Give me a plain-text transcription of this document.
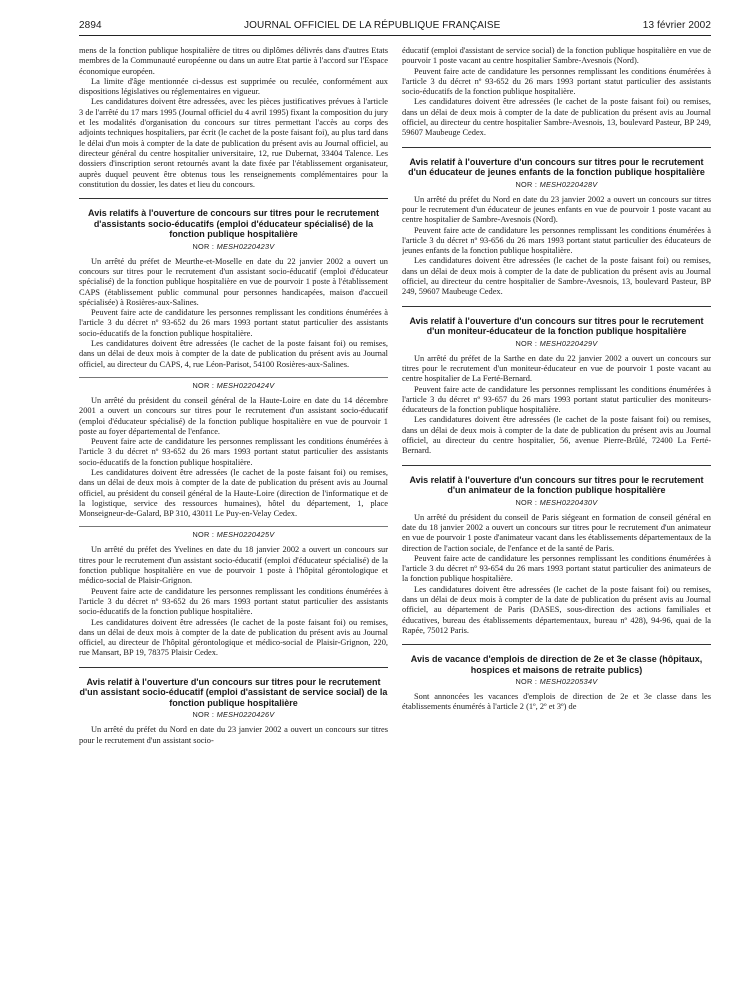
2894	JOURNAL OFFICIEL DE LA RÉPUBLIQUE FRANÇAISE	13 février 2002

mens de la fonction publique hospitalière de titres ou diplômes délivrés dans d'autres Etats membres de la Communauté européenne ou dans un autre Etat partie à l'accord sur l'Espace économique européen.

La limite d'âge mentionnée ci-dessus est supprimée ou reculée, conformément aux dispositions législatives ou réglementaires en vigueur.

Les candidatures doivent être adressées, avec les pièces justificatives prévues à l'article 3 de l'arrêté du 17 mars 1995 (Journal officiel du 4 avril 1995) fixant la composition du jury et les modalités d'organisation du concours sur titres permettant l'accès au corps des adjoints techniques hospitaliers, par écrit (le cachet de la poste faisant foi), au plus tard dans le délai d'un mois à compter de la date de publication du présent avis au Journal officiel, au directeur général du centre hospitalier universitaire, 12, rue Dubernat, 33404 Talence. Les dossiers d'inscription seront retournés avant la date fixée par l'établissement organisateur, auprès duquel peuvent être obtenus tous les renseignements complémentaires pour la constitution du dossier, les dates et lieu du concours.

Avis relatifs à l'ouverture de concours sur titres pour le recrutement d'assistants socio-éducatifs (emploi d'éducateur spécialisé) de la fonction publique hospitalière
NOR : MESH0220423V

Un arrêté du préfet de Meurthe-et-Moselle en date du 22 janvier 2002 a ouvert un concours sur titres pour le recrutement d'un assistant socio-éducatif (emploi d'éducateur spécialisé) de la fonction publique hospitalière en vue de pourvoir 1 poste à l'établissement CAPS (établissement public communal pour personnes handicapées, maison d'accueil spécialisée) à Rosières-aux-Salines.

Peuvent faire acte de candidature les personnes remplissant les conditions énumérées à l'article 3 du décret nº 93-652 du 26 mars 1993 portant statut particulier des assistants socio-éducatifs de la fonction publique hospitalière.

Les candidatures doivent être adressées (le cachet de la poste faisant foi) ou remises, dans un délai de deux mois à compter de la date de publication du présent avis au Journal officiel, au directeur du CAPS, 4, rue Léon-Parisot, 54100 Rosières-aux-Salines.

NOR : MESH0220424V

Un arrêté du président du conseil général de la Haute-Loire en date du 14 décembre 2001 a ouvert un concours sur titres pour le recrutement d'un assistant socio-éducatif (emploi d'éducateur spécialisé) de la fonction publique hospitalière en vue de pourvoir 1 poste au foyer départemental de l'enfance.

Peuvent faire acte de candidature les personnes remplissant les conditions énumérées à l'article 3 du décret nº 93-652 du 26 mars 1993 portant statut particulier des assistants socio-éducatifs de la fonction publique hospitalière.

Les candidatures doivent être adressées (le cachet de la poste faisant foi) ou remises, dans un délai de deux mois à compter de la date de publication du présent avis au Journal officiel, au président du conseil général de la Haute-Loire (direction de l'informatique et de la logistique, service des ressources humaines), hôtel du département, 1, place Monseigneur-de-Galard, BP 310, 43011 Le Puy-en-Velay Cedex.

NOR : MESH0220425V

Un arrêté du préfet des Yvelines en date du 18 janvier 2002 a ouvert un concours sur titres pour le recrutement d'un assistant socio-éducatif (emploi d'éducateur spécialisé) de la fonction publique hospitalière en vue de pourvoir 1 poste à l'hôpital gérontologique et médico-social de Plaisir-Grignon.

Peuvent faire acte de candidature les personnes remplissant les conditions énumérées à l'article 3 du décret nº 93-652 du 26 mars 1993 portant statut particulier des assistants socio-éducatifs de la fonction publique hospitalière.

Les candidatures doivent être adressées (le cachet de la poste faisant foi) ou remises, dans un délai de deux mois à compter de la date de publication du présent avis au Journal officiel, au directeur de l'hôpital gérontologique et médico-social de Plaisir-Grignon, 220, rue Mansart, BP 19, 78375 Plaisir Cedex.

Avis relatif à l'ouverture d'un concours sur titres pour le recrutement d'un assistant socio-éducatif (emploi d'assistant de service social) de la fonction publique hospitalière
NOR : MESH0220426V

Un arrêté du préfet du Nord en date du 23 janvier 2002 a ouvert un concours sur titres pour le recrutement d'un assistant socio-

éducatif (emploi d'assistant de service social) de la fonction publique hospitalière en vue de pourvoir 1 poste vacant au centre hospitalier Sambre-Avesnois (Nord).

Peuvent faire acte de candidature les personnes remplissant les conditions énumérées à l'article 3 du décret nº 93-652 du 26 mars 1993 portant statut particulier des assistants socio-éducatifs de la fonction publique hospitalière.

Les candidatures doivent être adressées (le cachet de la poste faisant foi) ou remises, dans un délai de deux mois à compter de la date de publication du présent avis au Journal officiel, au directeur du centre hospitalier Sambre-Avesnois, 13, boulevard Pasteur, BP 249, 59607 Maubeuge Cedex.

Avis relatif à l'ouverture d'un concours sur titres pour le recrutement d'un éducateur de jeunes enfants de la fonction publique hospitalière
NOR : MESH0220428V

Un arrêté du préfet du Nord en date du 23 janvier 2002 a ouvert un concours sur titres pour le recrutement d'un éducateur de jeunes enfants en vue de pourvoir 1 poste vacant au centre hospitalier de Sambre-Avesnois (Nord).

Peuvent faire acte de candidature les personnes remplissant les conditions énumérées à l'article 3 du décret nº 93-656 du 26 mars 1993 portant statut particulier des éducateurs de jeunes enfants de la fonction publique hospitalière.

Les candidatures doivent être adressées (le cachet de la poste faisant foi) ou remises, dans un délai de deux mois à compter de la date de publication du présent avis au Journal officiel, au directeur du centre hospitalier de Sambre-Avesnois, 13, boulevard Pasteur, BP 249, 59607 Maubeuge Cedex.

Avis relatif à l'ouverture d'un concours sur titres pour le recrutement d'un moniteur-éducateur de la fonction publique hospitalière
NOR : MESH0220429V

Un arrêté du préfet de la Sarthe en date du 22 janvier 2002 a ouvert un concours sur titres pour le recrutement d'un moniteur-éducateur en vue de pourvoir 1 poste vacant au centre hospitalier de La Ferté-Bernard.

Peuvent faire acte de candidature les personnes remplissant les conditions énumérées à l'article 3 du décret nº 93-657 du 26 mars 1993 portant statut particulier des moniteurs-éducateurs de la fonction publique hospitalière.

Les candidatures doivent être adressées (le cachet de la poste faisant foi) ou remises, dans un délai de deux mois à compter de la date de publication du présent avis au Journal officiel, au directeur du centre hospitalier, 56, avenue Pierre-Brûlé, 72400 La Ferté-Bernard.

Avis relatif à l'ouverture d'un concours sur titres pour le recrutement d'un animateur de la fonction publique hospitalière
NOR : MESH0220430V

Un arrêté du président du conseil de Paris siégeant en formation de conseil général en date du 18 janvier 2002 a ouvert un concours sur titres pour le recrutement d'un animateur en vue de pourvoir 1 poste d'animateur vacant dans les établissements départementaux de la direction de l'action sociale, de l'enfance et de la santé de Paris.

Peuvent faire acte de candidature les personnes remplissant les conditions énumérées à l'article 3 du décret nº 93-654 du 26 mars 1993 portant statut particulier des animateurs de la fonction publique hospitalière.

Les candidatures doivent être adressées (le cachet de la poste faisant foi) ou remises, dans un délai de deux mois à compter de la date de publication du présent avis au Journal officiel, au département de Paris (DASES, sous-direction des actions familiales et éducatives, bureau des établissements départementaux, bureau nº 428), 94-96, quai de la Rapée, 75012 Paris.

Avis de vacance d'emplois de direction de 2e et 3e classe (hôpitaux, hospices et maisons de retraite publics)
NOR : MESH0220534V

Sont annoncées les vacances d'emplois de direction de 2e et 3e classe dans les établissements énumérés à l'article 2 (1º, 2º et 3º) de
